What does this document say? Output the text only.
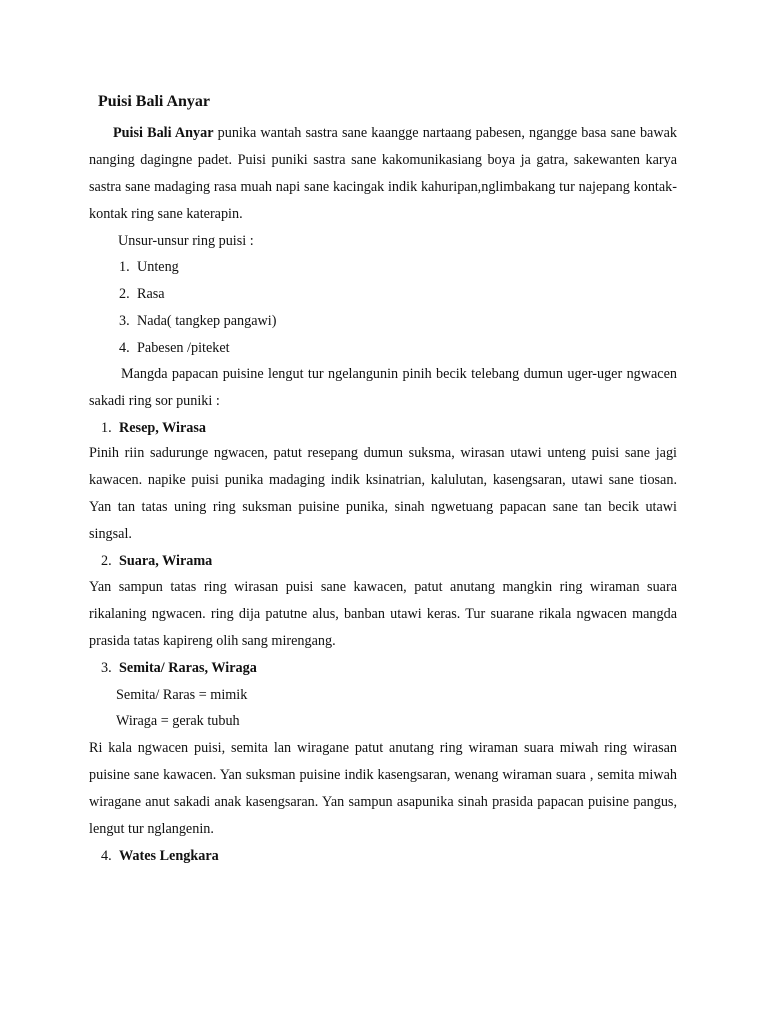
Puisi Bali Anyar

Puisi Bali Anyar punika wantah sastra sane kaangge nartaang pabesen, ngangge basa sane bawak nanging dagingne padet. Puisi puniki sastra sane kakomunikasiang boya ja gatra, sakewanten karya sastra sane madaging rasa muah napi sane kacingak indik kahuripan,nglimbakang tur najepang kontak-kontak ring sane katerapin.

Unsur-unsur ring puisi :

1. Unteng

2. Rasa

3. Nada( tangkep pangawi)

4. Pabesen /piteket

Mangda papacan puisine lengut tur ngelangunin pinih becik telebang dumun uger-uger ngwacen sakadi ring sor puniki :

1. Resep, Wirasa

Pinih riin sadurunge ngwacen, patut resepang dumun suksma, wirasan utawi unteng puisi sane jagi kawacen. napike puisi punika madaging indik ksinatrian, kalulutan, kasengsaran, utawi sane tiosan. Yan tan tatas uning ring suksman puisine punika, sinah ngwetuang papacan sane tan becik utawi singsal.

2. Suara, Wirama

Yan sampun tatas ring wirasan puisi sane kawacen, patut anutang mangkin ring wiraman suara rikalaning ngwacen. ring dija patutne alus, banban utawi keras. Tur suarane rikala ngwacen mangda prasida tatas kapireng olih sang mirengang.

3. Semita/ Raras, Wiraga

Semita/ Raras = mimik

Wiraga = gerak tubuh

Ri kala ngwacen puisi, semita lan wiragane patut anutang ring wiraman suara miwah ring wirasan puisine sane kawacen. Yan suksman puisine indik kasengsaran, wenang wiraman suara , semita miwah wiragane anut sakadi anak kasengsaran. Yan sampun asapunika sinah prasida papacan puisine pangus, lengut tur nglangenin.

4. Wates Lengkara
